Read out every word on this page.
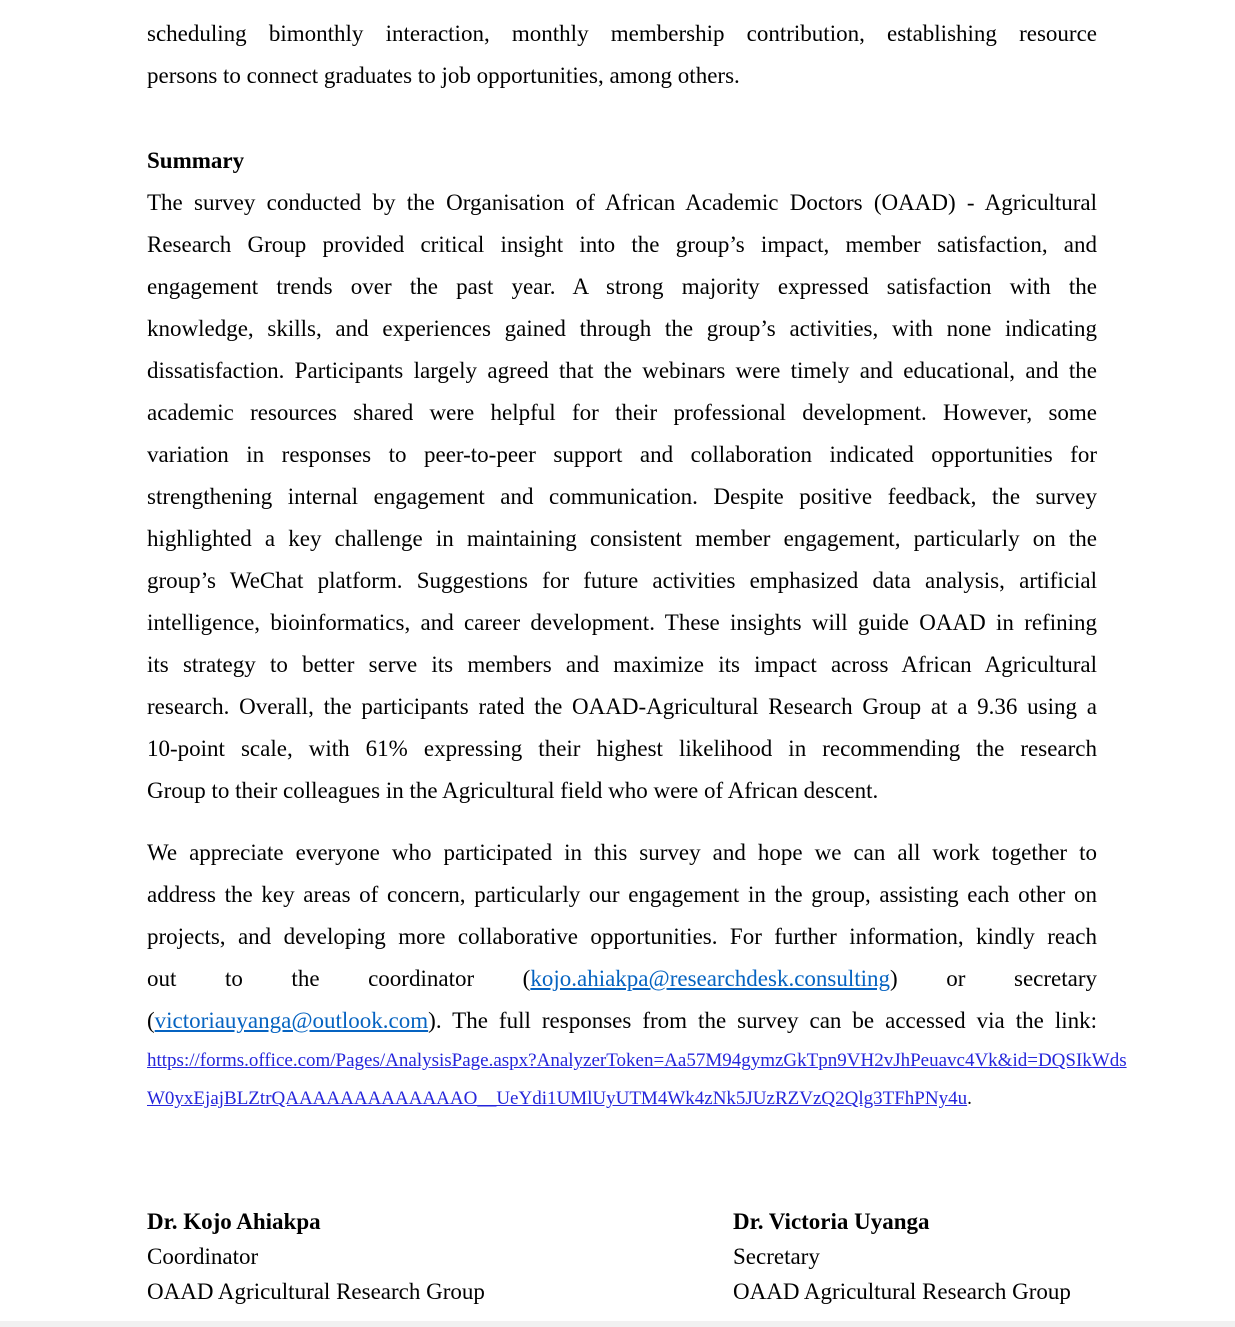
scheduling bimonthly interaction, monthly membership contribution, establishing resource
persons to connect graduates to job opportunities, among others.
Summary
The survey conducted by the Organisation of African Academic Doctors (OAAD) - Agricultural
Research Group provided critical insight into the group’s impact, member satisfaction, and
engagement trends over the past year. A strong majority expressed satisfaction with the
knowledge, skills, and experiences gained through the group’s activities, with none indicating
dissatisfaction. Participants largely agreed that the webinars were timely and educational, and the
academic resources shared were helpful for their professional development. However, some
variation in responses to peer-to-peer support and collaboration indicated opportunities for
strengthening internal engagement and communication. Despite positive feedback, the survey
highlighted a key challenge in maintaining consistent member engagement, particularly on the
group’s WeChat platform. Suggestions for future activities emphasized data analysis, artificial
intelligence, bioinformatics, and career development. These insights will guide OAAD in refining
its strategy to better serve its members and maximize its impact across African Agricultural
research. Overall, the participants rated the OAAD-Agricultural Research Group at a 9.36 using a
10-point scale, with 61% expressing their highest likelihood in recommending the research
Group to their colleagues in the Agricultural field who were of African descent.
We appreciate everyone who participated in this survey and hope we can all work together to
address the key areas of concern, particularly our engagement in the group, assisting each other on
projects, and developing more collaborative opportunities. For further information, kindly reach
out to the coordinator (kojo.ahiakpa@researchdesk.consulting) or secretary
(victoriauyanga@outlook.com). The full responses from the survey can be accessed via the link:
https://forms.office.com/Pages/AnalysisPage.aspx?AnalyzerToken=Aa57M94gymzGkTpn9VH2vJhPeuavc4Vk&id=DQSIkWds
W0yxEjajBLZtrQAAAAAAAAAAAAAO__UeYdi1UMlUyUTM4Wk4zNk5JUzRZVzQ2Qlg3TFhPNy4u.
Dr. Kojo Ahiakpa
Coordinator
OAAD Agricultural Research Group
Dr. Victoria Uyanga
Secretary
OAAD Agricultural Research Group
